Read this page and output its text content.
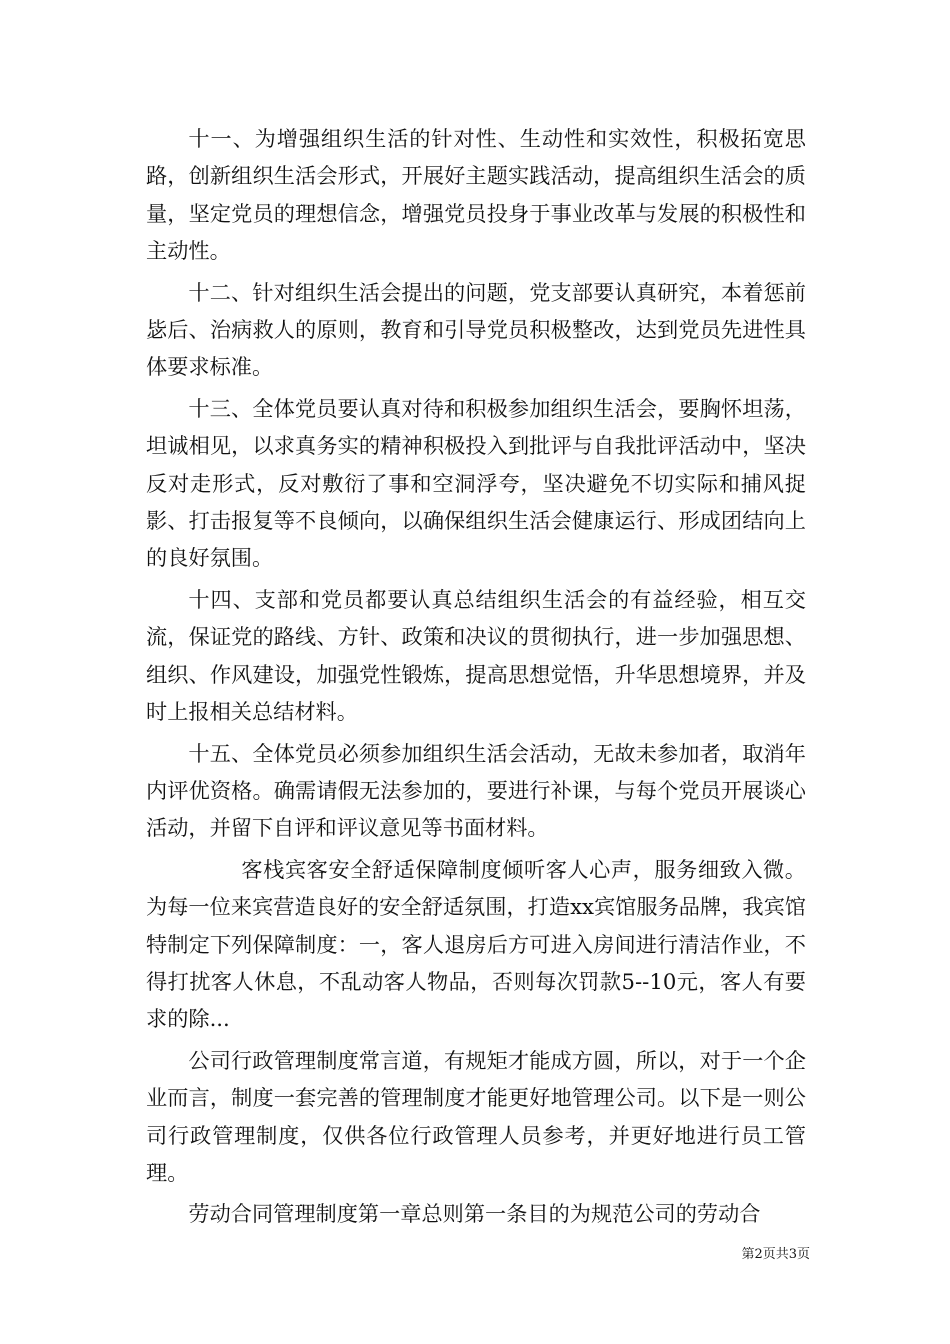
十一、为增强组织生活的针对性、生动性和实效性，积极拓宽思路，创新组织生活会形式，开展好主题实践活动，提高组织生活会的质量，坚定党员的理想信念，增强党员投身于事业改革与发展的积极性和主动性。

十二、针对组织生活会提出的问题，党支部要认真研究，本着惩前毖后、治病救人的原则，教育和引导党员积极整改，达到党员先进性具体要求标准。

十三、全体党员要认真对待和积极参加组织生活会，要胸怀坦荡，坦诚相见，以求真务实的精神积极投入到批评与自我批评活动中，坚决反对走形式，反对敷衍了事和空洞浮夸，坚决避免不切实际和捕风捉影、打击报复等不良倾向，以确保组织生活会健康运行、形成团结向上的良好氛围。

十四、支部和党员都要认真总结组织生活会的有益经验，相互交流，保证党的路线、方针、政策和决议的贯彻执行，进一步加强思想、组织、作风建设，加强党性锻炼，提高思想觉悟，升华思想境界，并及时上报相关总结材料。

十五、全体党员必须参加组织生活会活动，无故未参加者，取消年内评优资格。确需请假无法参加的，要进行补课，与每个党员开展谈心活动，并留下自评和评议意见等书面材料。

客栈宾客安全舒适保障制度倾听客人心声，服务细致入微。为每一位来宾营造良好的安全舒适氛围，打造xx宾馆服务品牌，我宾馆特制定下列保障制度：一，客人退房后方可进入房间进行清洁作业，不得打扰客人休息，不乱动客人物品，否则每次罚款5--10元，客人有要求的除...

公司行政管理制度常言道，有规矩才能成方圆，所以，对于一个企业而言，制度一套完善的管理制度才能更好地管理公司。以下是一则公司行政管理制度，仅供各位行政管理人员参考，并更好地进行员工管理。

劳动合同管理制度第一章总则第一条目的为规范公司的劳动合

第2页共3页
